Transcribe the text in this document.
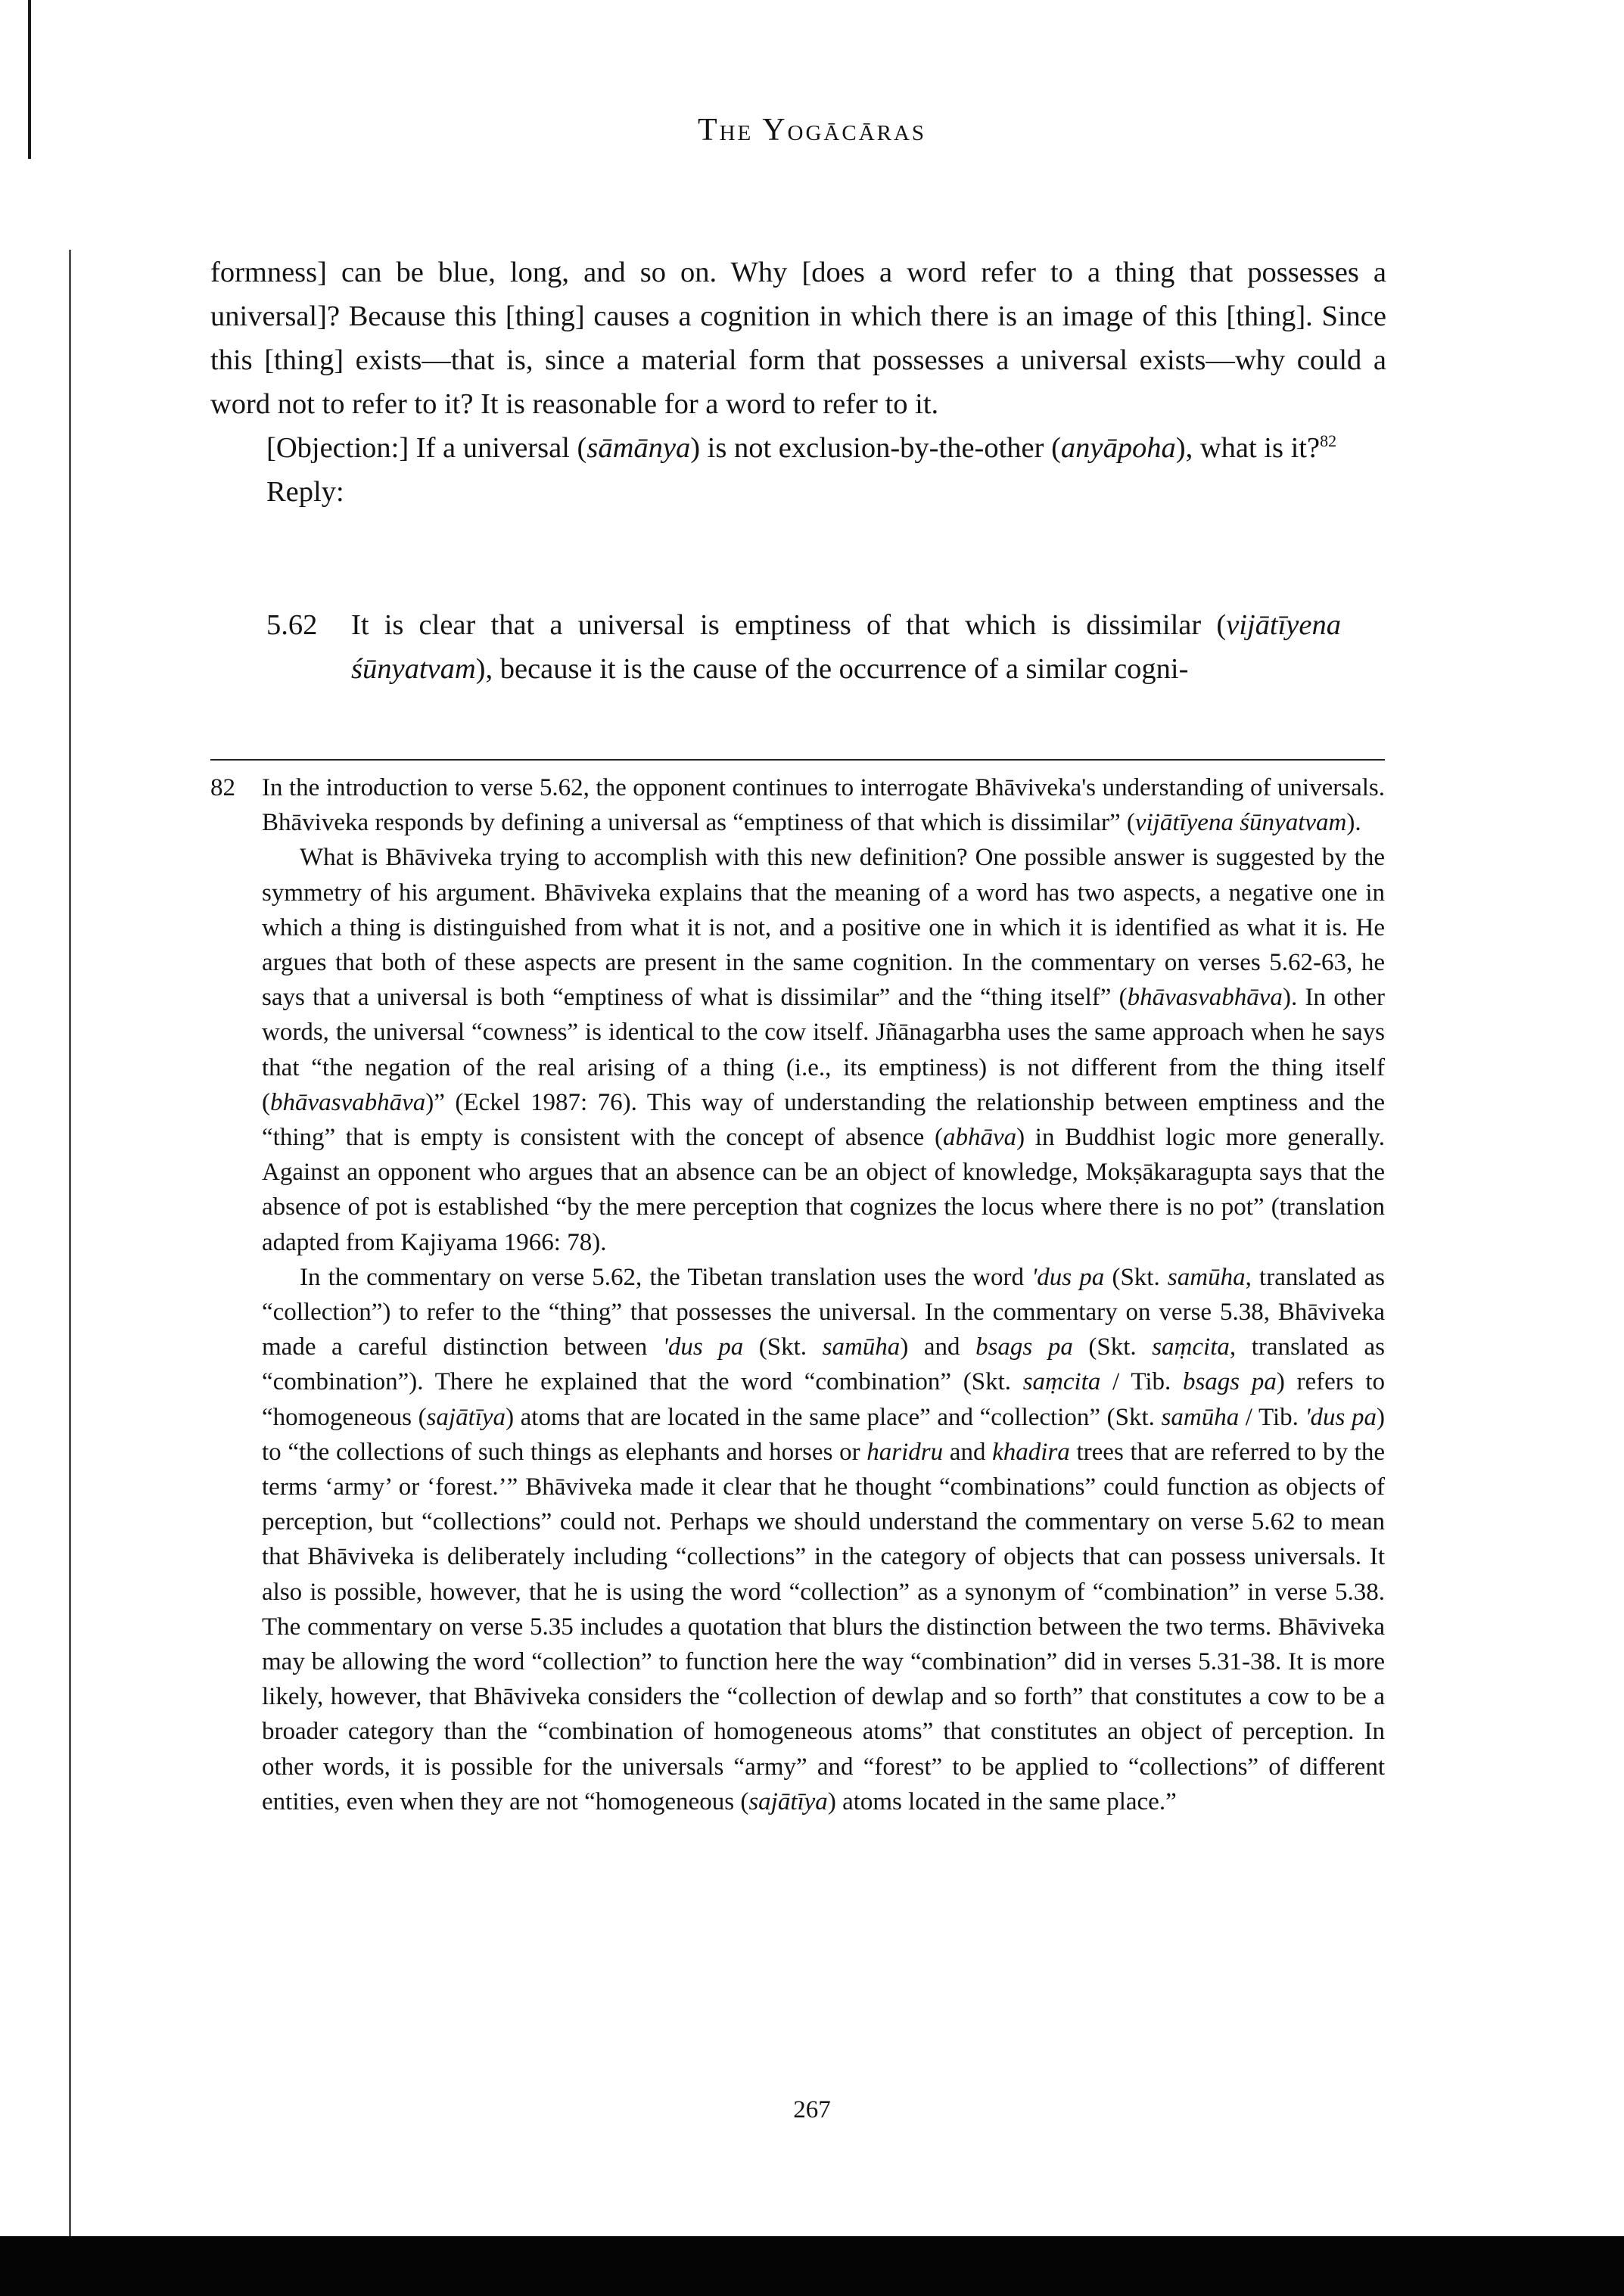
The Yogācāras

formness] can be blue, long, and so on. Why [does a word refer to a thing that possesses a universal]? Because this [thing] causes a cognition in which there is an image of this [thing]. Since this [thing] exists—that is, since a material form that possesses a universal exists—why could a word not to refer to it? It is reasonable for a word to refer to it.

[Objection:] If a universal (sāmānya) is not exclusion-by-the-other (anyāpoha), what is it?$^{82}$

Reply:

5.62 It is clear that a universal is emptiness of that which is dissimilar (vijātīyena śūnyatvam), because it is the cause of the occurrence of a similar cogni-
82	In the introduction to verse 5.62, the opponent continues to interrogate Bhāviveka's understanding of universals. Bhāviveka responds by defining a universal as “emptiness of that which is dissimilar” (vijātīyena śūnyatvam).

What is Bhāviveka trying to accomplish with this new definition? One possible answer is suggested by the symmetry of his argument. Bhāviveka explains that the meaning of a word has two aspects, a negative one in which a thing is distinguished from what it is not, and a positive one in which it is identified as what it is. He argues that both of these aspects are present in the same cognition. In the commentary on verses 5.62-63, he says that a universal is both “emptiness of what is dissimilar” and the “thing itself” (bhāvasvabhāva). In other words, the universal “cowness” is identical to the cow itself. Jñānagarbha uses the same approach when he says that “the negation of the real arising of a thing (i.e., its emptiness) is not different from the thing itself (bhāvasvabhāva)” (Eckel 1987: 76). This way of understanding the relationship between emptiness and the “thing” that is empty is consistent with the concept of absence (abhāva) in Buddhist logic more generally. Against an opponent who argues that an absence can be an object of knowledge, Mokṣākaragupta says that the absence of pot is established “by the mere perception that cognizes the locus where there is no pot” (translation adapted from Kajiyama 1966: 78).

In the commentary on verse 5.62, the Tibetan translation uses the word 'dus pa (Skt. samūha, translated as “collection”) to refer to the “thing” that possesses the universal. In the commentary on verse 5.38, Bhāviveka made a careful distinction between 'dus pa (Skt. samūha) and bsags pa (Skt. saṃcita, translated as “combination”). There he explained that the word “combination” (Skt. saṃcita / Tib. bsags pa) refers to “homogeneous (sajātīya) atoms that are located in the same place” and “collection” (Skt. samūha / Tib. 'dus pa) to “the collections of such things as elephants and horses or haridru and khadira trees that are referred to by the terms ‘army’ or ‘forest.’” Bhāviveka made it clear that he thought “combinations” could function as objects of perception, but “collections” could not. Perhaps we should understand the commentary on verse 5.62 to mean that Bhāviveka is deliberately including “collections” in the category of objects that can possess universals. It also is possible, however, that he is using the word “collection” as a synonym of “combination” in verse 5.38. The commentary on verse 5.35 includes a quotation that blurs the distinction between the two terms. Bhāviveka may be allowing the word “collection” to function here the way “combination” did in verses 5.31-38. It is more likely, however, that Bhāviveka considers the “collection of dewlap and so forth” that constitutes a cow to be a broader category than the “combination of homogeneous atoms” that constitutes an object of perception. In other words, it is possible for the universals “army” and “forest” to be applied to “collections” of different entities, even when they are not “homogeneous (sajātīya) atoms located in the same place.”

267
